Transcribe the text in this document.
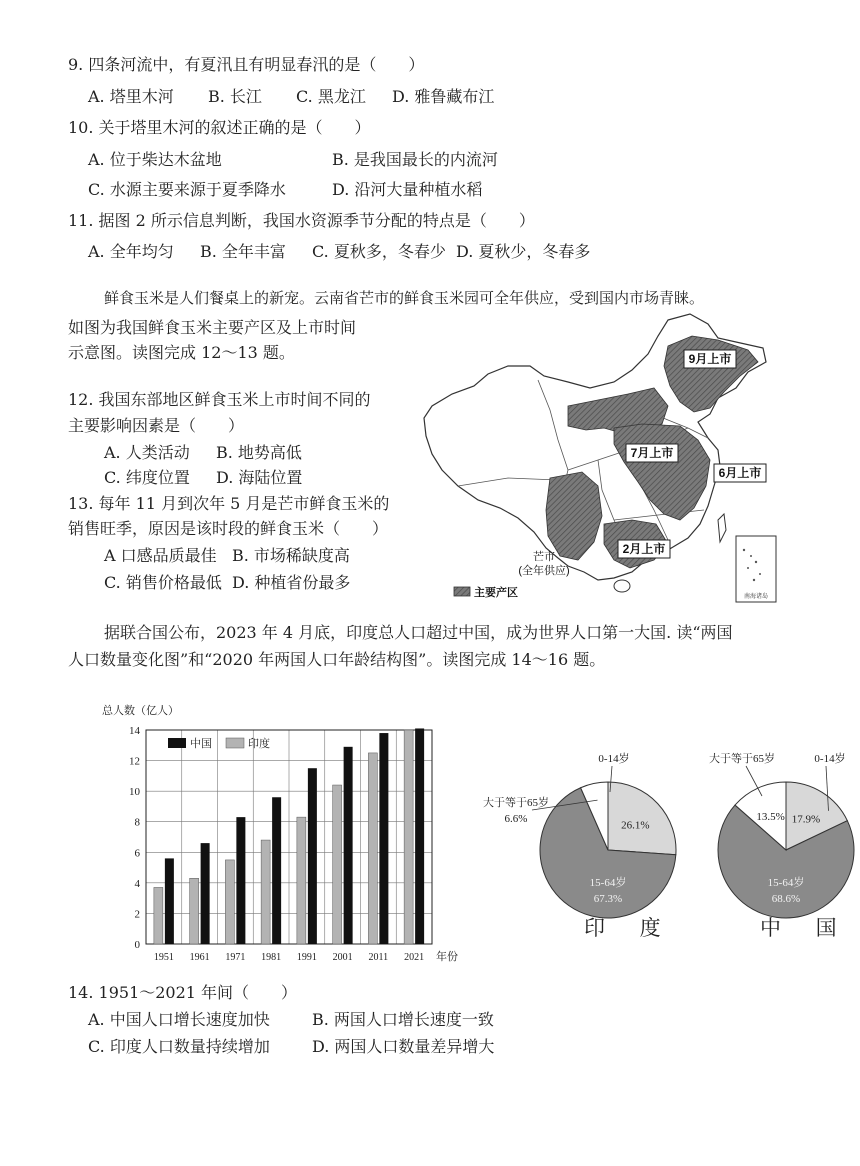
9. 四条河流中，有夏汛且有明显春汛的是（　　）
A. 塔里木河 B. 长江 C. 黑龙江 D. 雅鲁藏布江
10. 关于塔里木河的叙述正确的是（　　）
A. 位于柴达木盆地	B. 是我国最长的内流河
C. 水源主要来源于夏季降水	D. 沿河大量种植水稻
11. 据图 2 所示信息判断，我国水资源季节分配的特点是（　　）
A. 全年均匀 B. 全年丰富 C. 夏秋多，冬春少 D. 夏秋少，冬春多
鲜食玉米是人们餐桌上的新宠。云南省芒市的鲜食玉米园可全年供应，受到国内市场青睐。
如图为我国鲜食玉米主要产区及上市时间
示意图。读图完成 12～13 题。
12. 我国东部地区鲜食玉米上市时间不同的
主要影响因素是（　　）
A. 人类活动 B. 地势高低
C. 纬度位置 D. 海陆位置
13. 每年 11 月到次年 5 月是芒市鲜食玉米的
销售旺季，原因是该时段的鲜食玉米（　　）
A 口感品质最佳 B. 市场稀缺度高
C. 销售价格最低 D. 种植省份最多
南海诸岛
9月上市
7月上市
6月上市
2月上市
芒市
(全年供应)
主要产区
据联合国公布，2023 年 4 月底，印度总人口超过中国，成为世界人口第一大国. 读“两国
人口数量变化图”和“2020 年两国人口年龄结构图”。读图完成 14～16 题。
总人数（亿人）
0
2
4
6
8
10
12
14
1951 1961 1971 1981 1991 2001 2011 2021 年份
中国	印度
26.1%
15-64岁
67.3%
0-14岁
大于等于65岁
6.6%	17.9%
15-64岁
68.6%
0-14岁
大于等于65岁
13.5%
印 度	中 国
14. 1951～2021 年间（　　）
A. 中国人口增长速度加快	B. 两国人口增长速度一致
C. 印度人口数量持续增加	D. 两国人口数量差异增大
